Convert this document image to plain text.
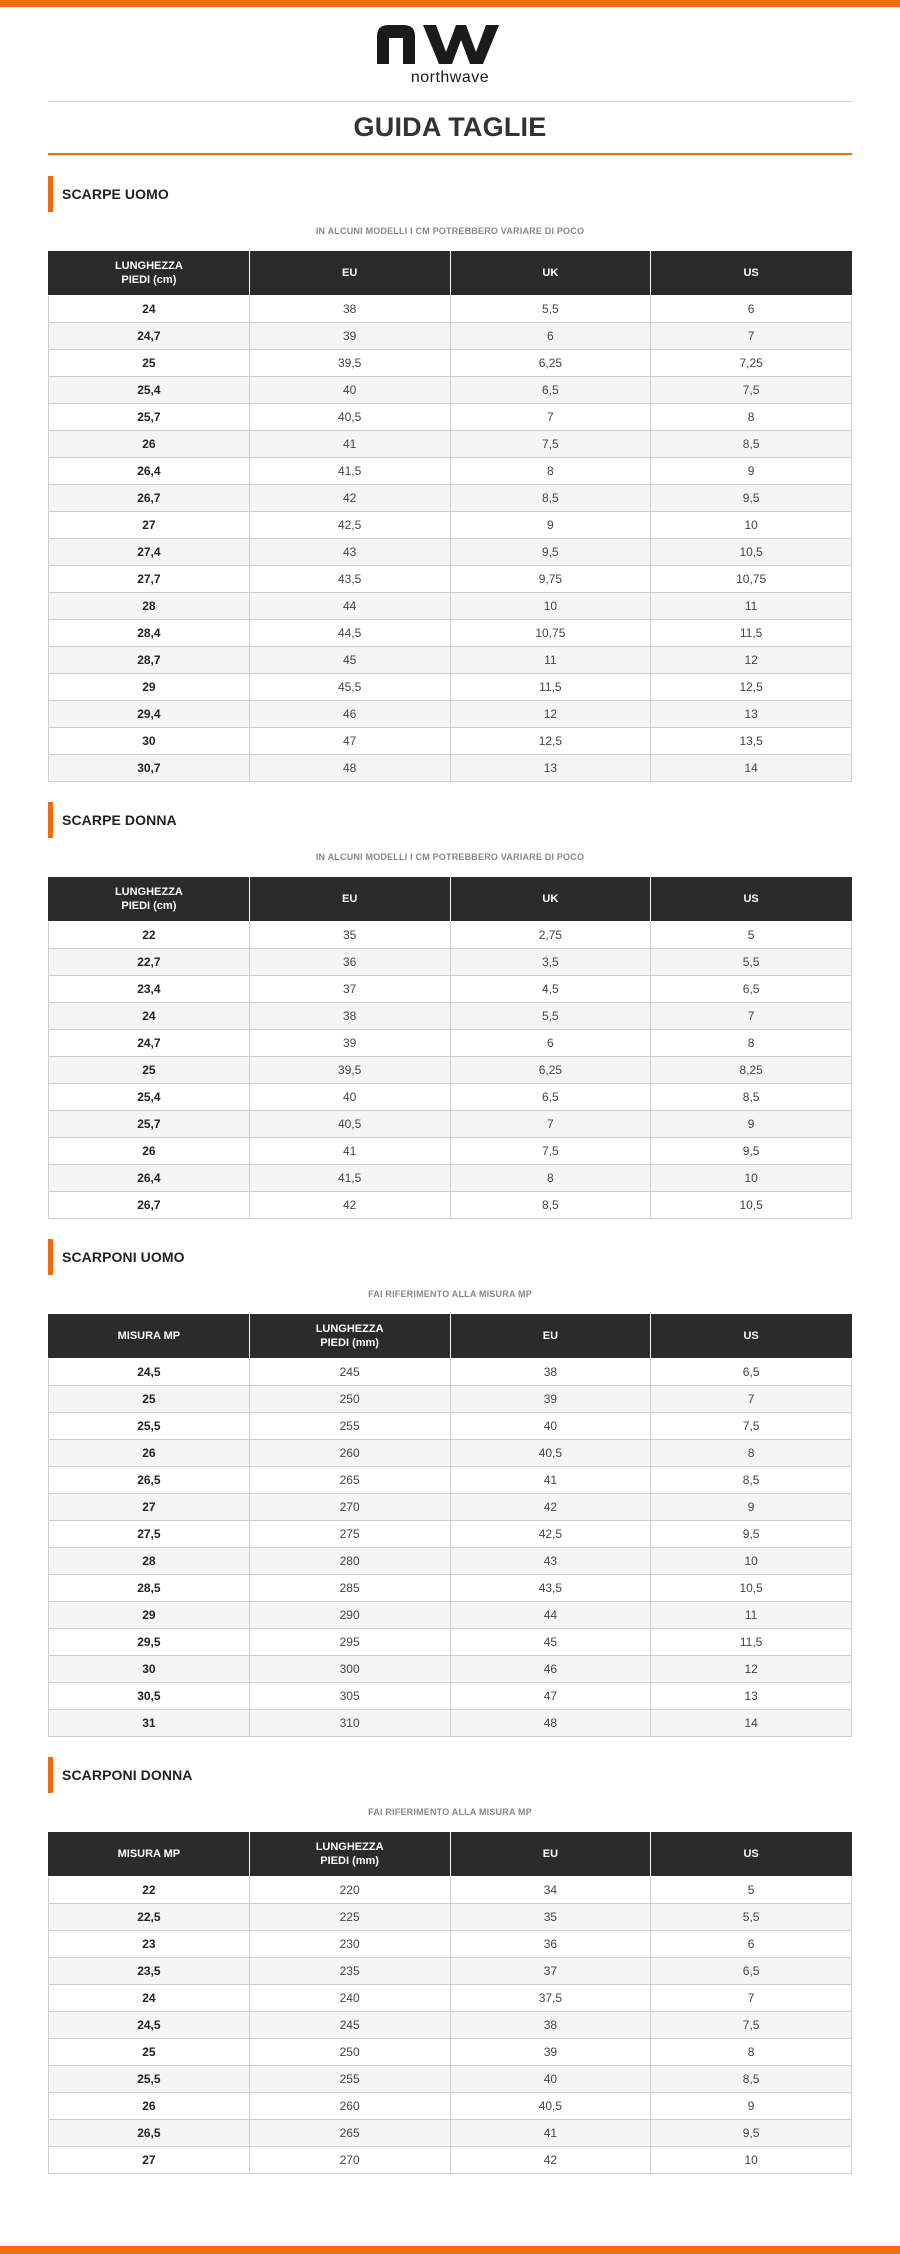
northwave
GUIDA TAGLIE
SCARPE UOMO
IN ALCUNI MODELLI I CM POTREBBERO VARIARE DI POCO
LUNGHEZZA
PIEDI (cm)	EU	UK	US
24	38	5,5	6
24,7	39	6	7
25	39,5	6,25	7,25
25,4	40	6,5	7,5
25,7	40,5	7	8
26	41	7,5	8,5
26,4	41,5	8	9
26,7	42	8,5	9,5
27	42,5	9	10
27,4	43	9,5	10,5
27,7	43,5	9,75	10,75
28	44	10	11
28,4	44,5	10,75	11,5
28,7	45	11	12
29	45,5	11,5	12,5
29,4	46	12	13
30	47	12,5	13,5
30,7	48	13	14
SCARPE DONNA
IN ALCUNI MODELLI I CM POTREBBERO VARIARE DI POCO
LUNGHEZZA
PIEDI (cm)	EU	UK	US
22	35	2,75	5
22,7	36	3,5	5,5
23,4	37	4,5	6,5
24	38	5,5	7
24,7	39	6	8
25	39,5	6,25	8,25
25,4	40	6,5	8,5
25,7	40,5	7	9
26	41	7,5	9,5
26,4	41,5	8	10
26,7	42	8,5	10,5
SCARPONI UOMO
FAI RIFERIMENTO ALLA MISURA MP
MISURA MP	LUNGHEZZA
PIEDI (mm)	EU	US
24,5	245	38	6,5
25	250	39	7
25,5	255	40	7,5
26	260	40,5	8
26,5	265	41	8,5
27	270	42	9
27,5	275	42,5	9,5
28	280	43	10
28,5	285	43,5	10,5
29	290	44	11
29,5	295	45	11,5
30	300	46	12
30,5	305	47	13
31	310	48	14
SCARPONI DONNA
FAI RIFERIMENTO ALLA MISURA MP
MISURA MP	LUNGHEZZA
PIEDI (mm)	EU	US
22	220	34	5
22,5	225	35	5,5
23	230	36	6
23,5	235	37	6,5
24	240	37,5	7
24,5	245	38	7,5
25	250	39	8
25,5	255	40	8,5
26	260	40,5	9
26,5	265	41	9,5
27	270	42	10
